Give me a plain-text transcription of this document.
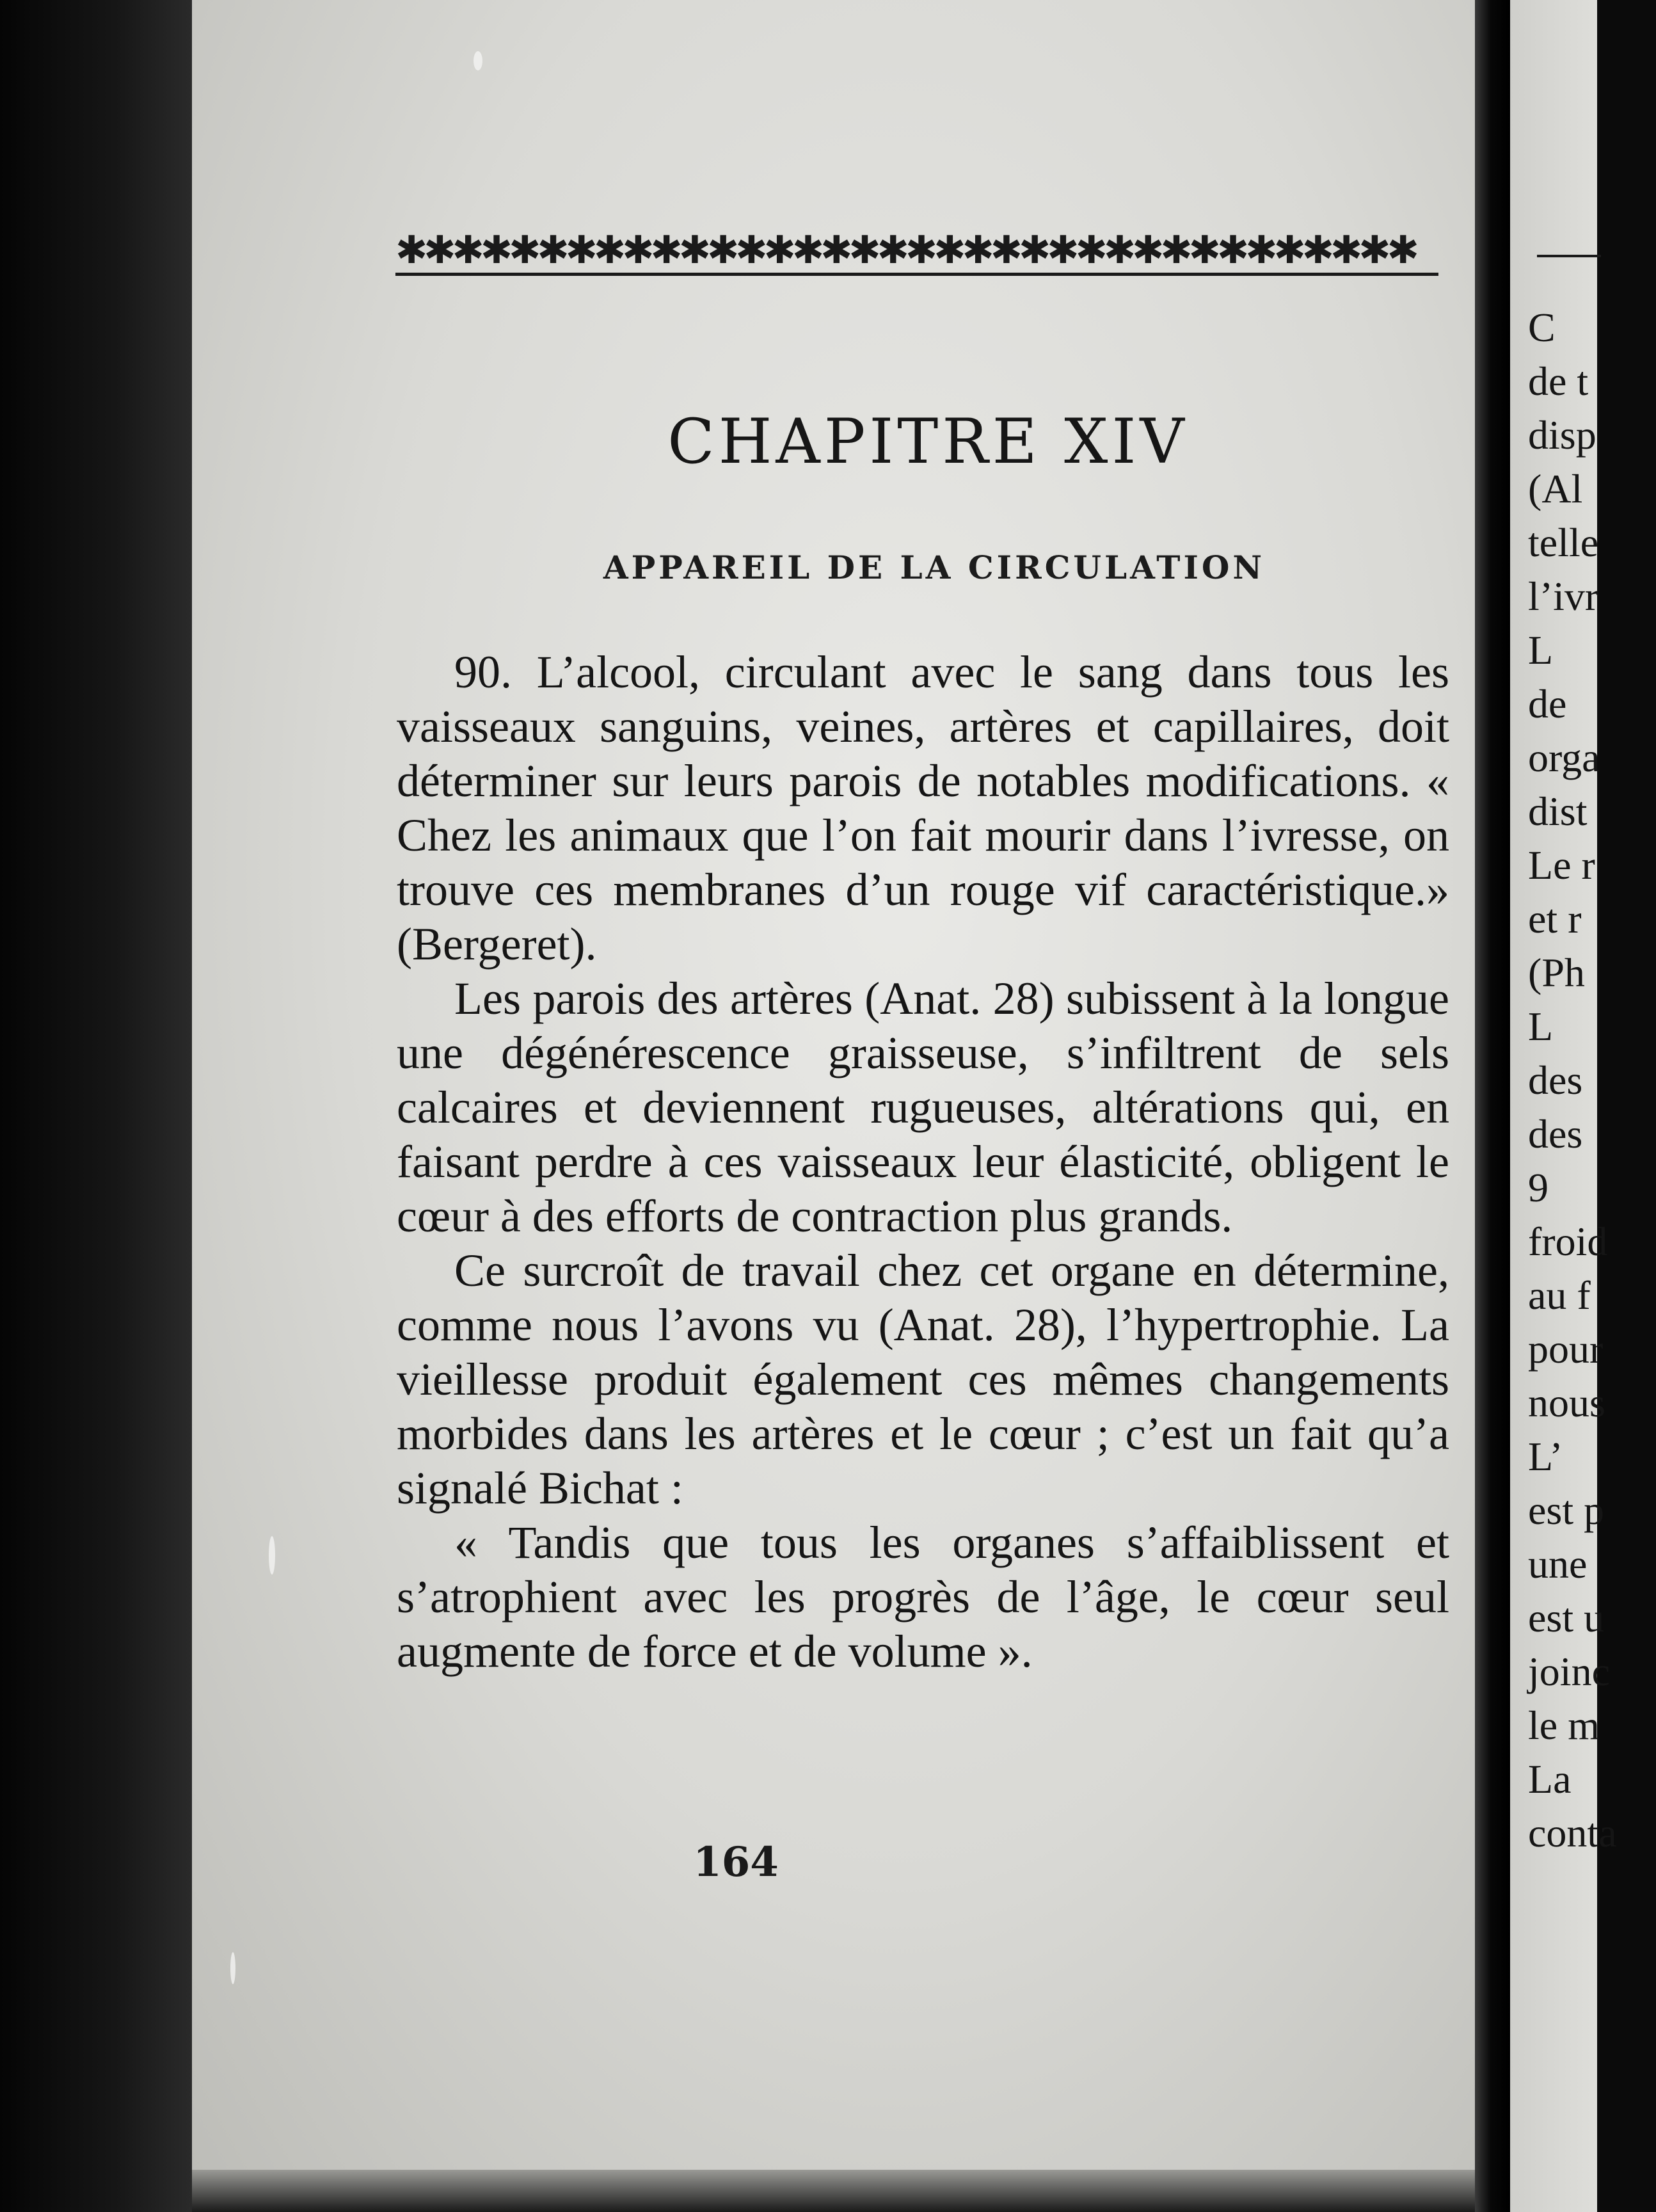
✱✱✱✱✱✱✱✱✱✱✱✱✱✱✱✱✱✱✱✱✱✱✱✱✱✱✱✱✱✱✱✱✱✱✱✱
CHAPITRE XIV
APPAREIL DE LA CIRCULATION

90. L’alcool, circulant avec le sang dans tous les vaisseaux sanguins, veines, artères et capillaires, doit déterminer sur leurs parois de notables modifications. « Chez les animaux que l’on fait mourir dans l’ivresse, on trouve ces membranes d’un rouge vif caractéristique.» (Bergeret).

Les parois des artères (Anat. 28) subissent à la longue une dégénérescence graisseuse, s’infiltrent de sels calcaires et deviennent rugueuses, altérations qui, en faisant perdre à ces vaisseaux leur élasticité, obligent le cœur à des efforts de contraction plus grands.

Ce surcroît de travail chez cet organe en détermine, comme nous l’avons vu (Anat. 28), l’hypertrophie. La vieillesse produit également ces mêmes changements morbides dans les artères et le cœur ; c’est un fait qu’a signalé Bichat :

« Tandis que tous les organes s’affaiblissent et s’atrophient avec les progrès de l’âge, le cœur seul augmente de force et de volume ».

164
C
de t
disp
(Al
telle
l’ivr
L
de
orga
dist
Le r
et r
(Ph
L
des
des
9
froid
au f
pour
nous
L’
est p
une
est u
joinc
le m
La
conta
